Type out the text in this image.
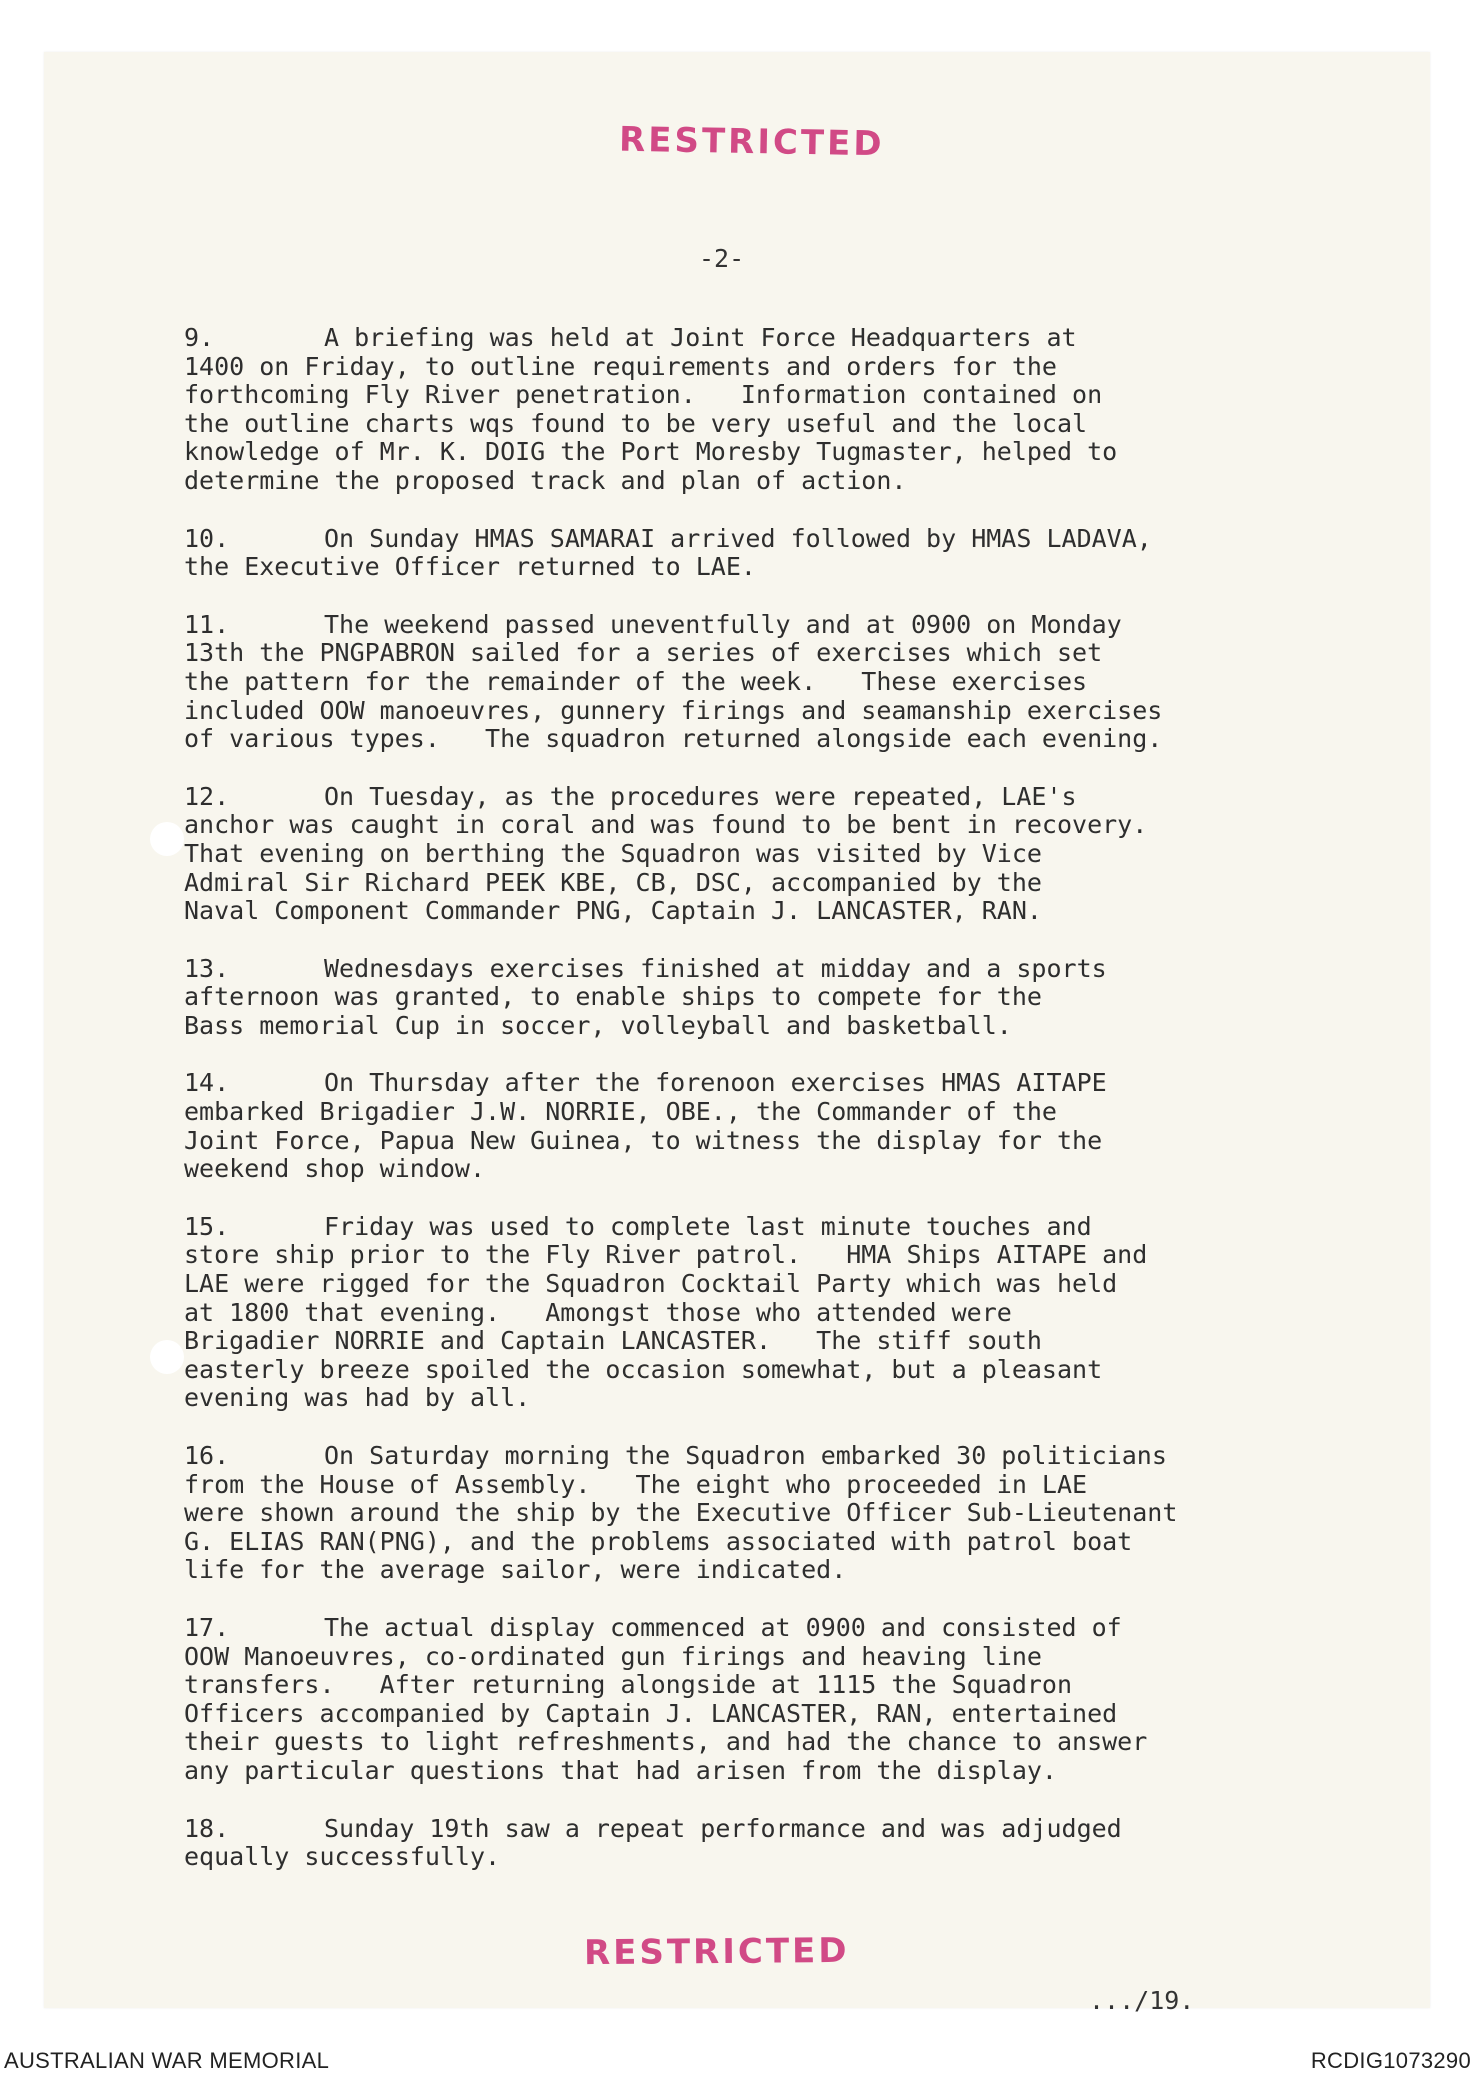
RESTRICTED
-2-

9.	A briefing was held at Joint Force Headquarters at
1400 on Friday, to outline requirements and orders for the
forthcoming Fly River penetration.   Information contained on
the outline charts wqs found to be very useful and the local
knowledge of Mr. K. DOIG the Port Moresby Tugmaster, helped to
determine the proposed track and plan of action.

10.	On Sunday HMAS SAMARAI arrived followed by HMAS LADAVA,
the Executive Officer returned to LAE.

11.	The weekend passed uneventfully and at 0900 on Monday
13th the PNGPABRON sailed for a series of exercises which set
the pattern for the remainder of the week.   These exercises
included OOW manoeuvres, gunnery firings and seamanship exercises
of various types.   The squadron returned alongside each evening.

12.	On Tuesday, as the procedures were repeated, LAE's
anchor was caught in coral and was found to be bent in recovery.
That evening on berthing the Squadron was visited by Vice
Admiral Sir Richard PEEK KBE, CB, DSC, accompanied by the
Naval Component Commander PNG, Captain J. LANCASTER, RAN.

13.	Wednesdays exercises finished at midday and a sports
afternoon was granted, to enable ships to compete for the
Bass memorial Cup in soccer, volleyball and basketball.

14.	On Thursday after the forenoon exercises HMAS AITAPE
embarked Brigadier J.W. NORRIE, OBE., the Commander of the
Joint Force, Papua New Guinea, to witness the display for the
weekend shop window.

15.	Friday was used to complete last minute touches and
store ship prior to the Fly River patrol.   HMA Ships AITAPE and
LAE were rigged for the Squadron Cocktail Party which was held
at 1800 that evening.   Amongst those who attended were
Brigadier NORRIE and Captain LANCASTER.   The stiff south
easterly breeze spoiled the occasion somewhat, but a pleasant
evening was had by all.

16.	On Saturday morning the Squadron embarked 30 politicians
from the House of Assembly.   The eight who proceeded in LAE
were shown around the ship by the Executive Officer Sub-Lieutenant
G. ELIAS RAN(PNG), and the problems associated with patrol boat
life for the average sailor, were indicated.

17.	The actual display commenced at 0900 and consisted of
OOW Manoeuvres, co-ordinated gun firings and heaving line
transfers.   After returning alongside at 1115 the Squadron
Officers accompanied by Captain J. LANCASTER, RAN, entertained
their guests to light refreshments, and had the chance to answer
any particular questions that had arisen from the display.

18.	Sunday 19th saw a repeat performance and was adjudged
equally successfully.

RESTRICTED
.../19.
AUSTRALIAN WAR MEMORIAL	RCDIG1073290
